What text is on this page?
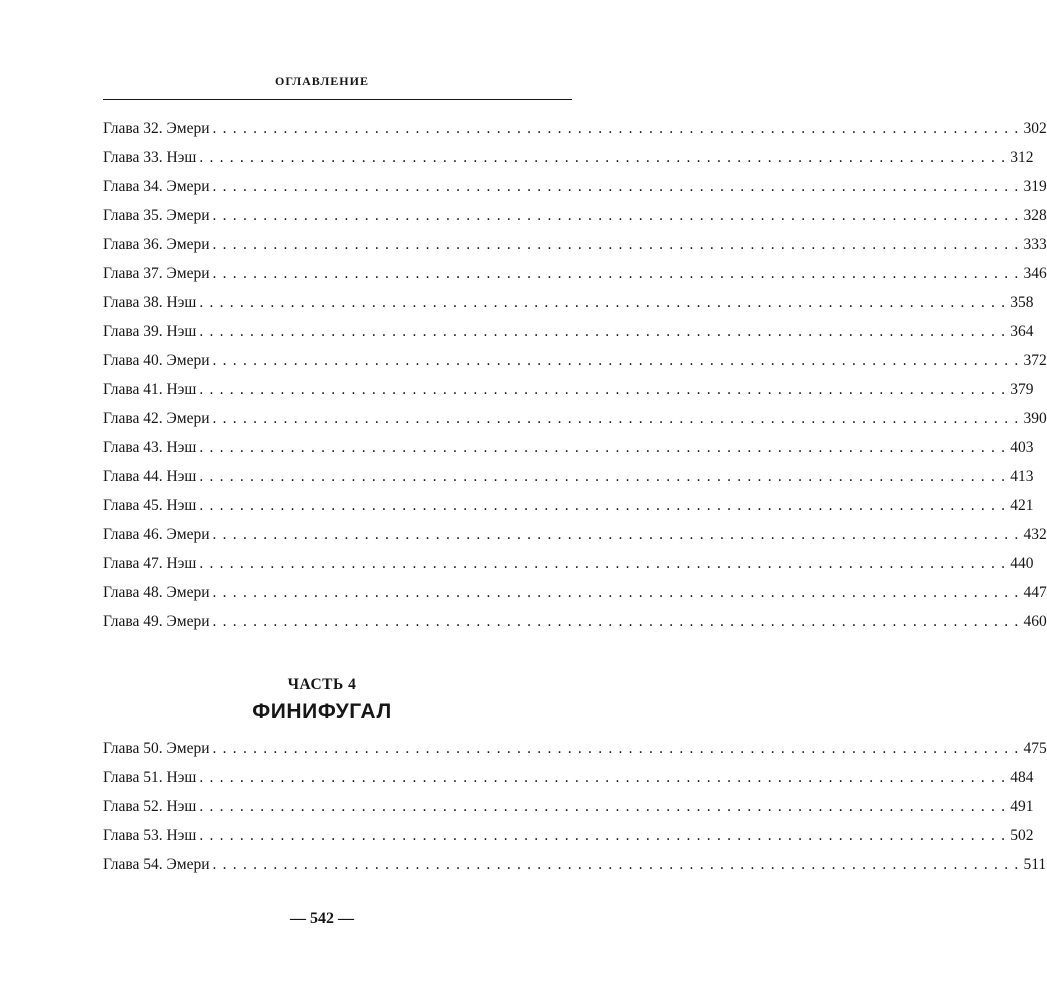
ОГЛАВЛЕНИЕ
Глава 32. Эмери . . . . . . . . . . . . . . . . . . . . . . . . . . . . . . . . . . . . . . . . . . . . . . . . . . . . . . . . . . . . . . . . . . . . . . . . . . . . . . . . 302
Глава 33. Нэш . . . . . . . . . . . . . . . . . . . . . . . . . . . . . . . . . . . . . . . . . . . . . . . . . . . . . . . . . . . . . . . . . . . . . . . . . . . . . . . . 312
Глава 34. Эмери . . . . . . . . . . . . . . . . . . . . . . . . . . . . . . . . . . . . . . . . . . . . . . . . . . . . . . . . . . . . . . . . . . . . . . . . . . . . . . . . 319
Глава 35. Эмери . . . . . . . . . . . . . . . . . . . . . . . . . . . . . . . . . . . . . . . . . . . . . . . . . . . . . . . . . . . . . . . . . . . . . . . . . . . . . . . . 328
Глава 36. Эмери . . . . . . . . . . . . . . . . . . . . . . . . . . . . . . . . . . . . . . . . . . . . . . . . . . . . . . . . . . . . . . . . . . . . . . . . . . . . . . . . 333
Глава 37. Эмери . . . . . . . . . . . . . . . . . . . . . . . . . . . . . . . . . . . . . . . . . . . . . . . . . . . . . . . . . . . . . . . . . . . . . . . . . . . . . . . . 346
Глава 38. Нэш . . . . . . . . . . . . . . . . . . . . . . . . . . . . . . . . . . . . . . . . . . . . . . . . . . . . . . . . . . . . . . . . . . . . . . . . . . . . . . . . 358
Глава 39. Нэш . . . . . . . . . . . . . . . . . . . . . . . . . . . . . . . . . . . . . . . . . . . . . . . . . . . . . . . . . . . . . . . . . . . . . . . . . . . . . . . . 364
Глава 40. Эмери . . . . . . . . . . . . . . . . . . . . . . . . . . . . . . . . . . . . . . . . . . . . . . . . . . . . . . . . . . . . . . . . . . . . . . . . . . . . . . . . 372
Глава 41. Нэш . . . . . . . . . . . . . . . . . . . . . . . . . . . . . . . . . . . . . . . . . . . . . . . . . . . . . . . . . . . . . . . . . . . . . . . . . . . . . . . . 379
Глава 42. Эмери . . . . . . . . . . . . . . . . . . . . . . . . . . . . . . . . . . . . . . . . . . . . . . . . . . . . . . . . . . . . . . . . . . . . . . . . . . . . . . . . 390
Глава 43. Нэш . . . . . . . . . . . . . . . . . . . . . . . . . . . . . . . . . . . . . . . . . . . . . . . . . . . . . . . . . . . . . . . . . . . . . . . . . . . . . . . . 403
Глава 44. Нэш . . . . . . . . . . . . . . . . . . . . . . . . . . . . . . . . . . . . . . . . . . . . . . . . . . . . . . . . . . . . . . . . . . . . . . . . . . . . . . . . 413
Глава 45. Нэш . . . . . . . . . . . . . . . . . . . . . . . . . . . . . . . . . . . . . . . . . . . . . . . . . . . . . . . . . . . . . . . . . . . . . . . . . . . . . . . . 421
Глава 46. Эмери . . . . . . . . . . . . . . . . . . . . . . . . . . . . . . . . . . . . . . . . . . . . . . . . . . . . . . . . . . . . . . . . . . . . . . . . . . . . . . . . 432
Глава 47. Нэш . . . . . . . . . . . . . . . . . . . . . . . . . . . . . . . . . . . . . . . . . . . . . . . . . . . . . . . . . . . . . . . . . . . . . . . . . . . . . . . . 440
Глава 48. Эмери . . . . . . . . . . . . . . . . . . . . . . . . . . . . . . . . . . . . . . . . . . . . . . . . . . . . . . . . . . . . . . . . . . . . . . . . . . . . . . . . 447
Глава 49. Эмери . . . . . . . . . . . . . . . . . . . . . . . . . . . . . . . . . . . . . . . . . . . . . . . . . . . . . . . . . . . . . . . . . . . . . . . . . . . . . . . . 460
ЧАСТЬ 4
ФИНИФУГАЛ
Глава 50. Эмери . . . . . . . . . . . . . . . . . . . . . . . . . . . . . . . . . . . . . . . . . . . . . . . . . . . . . . . . . . . . . . . . . . . . . . . . . . . . . . . . 475
Глава 51. Нэш . . . . . . . . . . . . . . . . . . . . . . . . . . . . . . . . . . . . . . . . . . . . . . . . . . . . . . . . . . . . . . . . . . . . . . . . . . . . . . . . 484
Глава 52. Нэш . . . . . . . . . . . . . . . . . . . . . . . . . . . . . . . . . . . . . . . . . . . . . . . . . . . . . . . . . . . . . . . . . . . . . . . . . . . . . . . . 491
Глава 53. Нэш . . . . . . . . . . . . . . . . . . . . . . . . . . . . . . . . . . . . . . . . . . . . . . . . . . . . . . . . . . . . . . . . . . . . . . . . . . . . . . . . 502
Глава 54. Эмери . . . . . . . . . . . . . . . . . . . . . . . . . . . . . . . . . . . . . . . . . . . . . . . . . . . . . . . . . . . . . . . . . . . . . . . . . . . . . . . . 511
— 542 —
